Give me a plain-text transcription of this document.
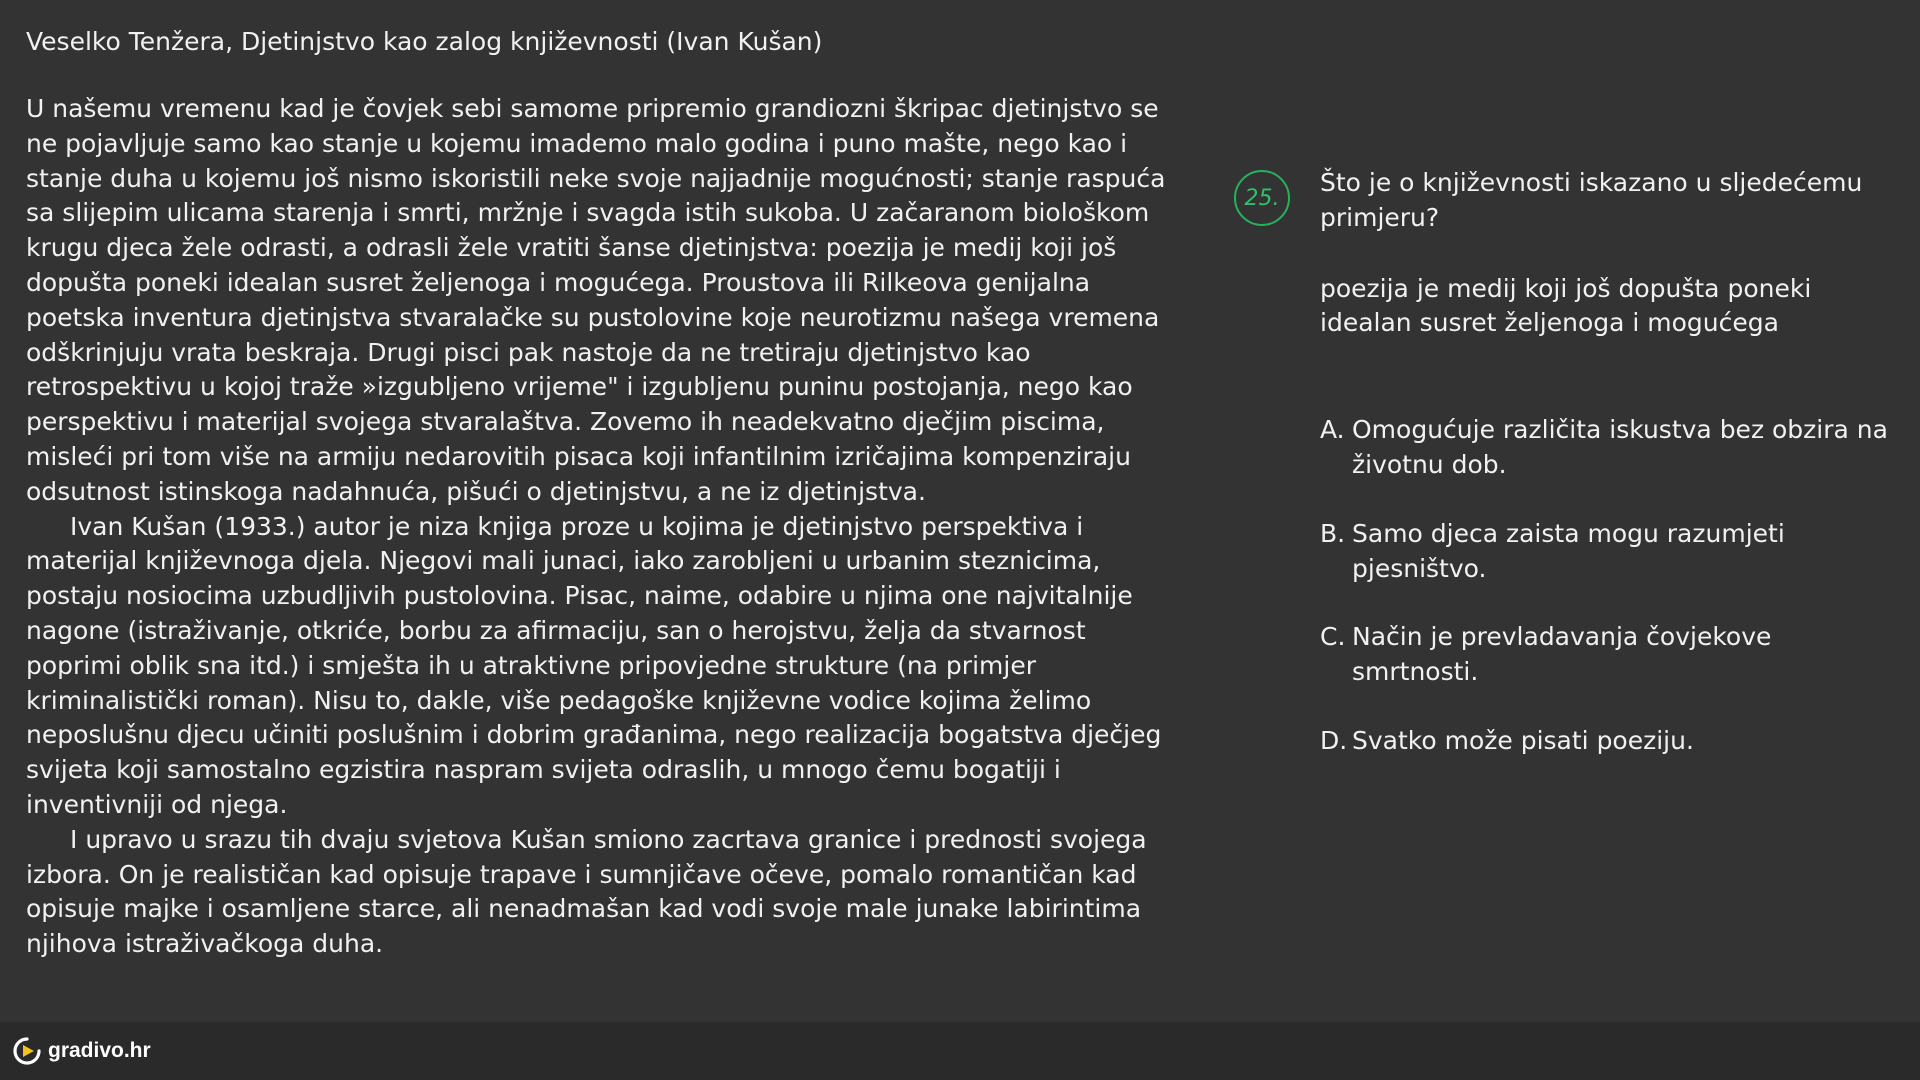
Veselko Tenžera, Djetinjstvo kao zalog književnosti (Ivan Kušan)

U našemu vremenu kad je čovjek sebi samome pripremio grandiozni škripac djetinjstvo se ne pojavljuje samo kao stanje u kojemu imademo malo godina i puno mašte, nego kao i stanje duha u kojemu još nismo iskoristili neke svoje najjadnije mogućnosti; stanje raspuća sa slijepim ulicama starenja i smrti, mržnje i svagda istih sukoba. U začaranom biološkom krugu djeca žele odrasti, a odrasli žele vratiti šanse djetinjstva: poezija je medij koji još dopušta poneki idealan susret željenoga i mogućega. Proustova ili Rilkeova genijalna poetska inventura djetinjstva stvaralačke su pustolovine koje neurotizmu našega vremena odškrinjuju vrata beskraja. Drugi pisci pak nastoje da ne tretiraju djetinjstvo kao retrospektivu u kojoj traže »izgubljeno vrijeme" i izgubljenu puninu postojanja, nego kao perspektivu i materijal svojega stvaralaštva. Zovemo ih neadekvatno dječjim piscima, misleći pri tom više na armiju nedarovitih pisaca koji infantilnim izričajima kompenziraju odsutnost istinskoga nadahnuća, pišući o djetinjstvu, a ne iz djetinjstva.

Ivan Kušan (1933.) autor je niza knjiga proze u kojima je djetinjstvo perspektiva i materijal književnoga djela. Njegovi mali junaci, iako zarobljeni u urbanim steznicima, postaju nosiocima uzbudljivih pustolovina. Pisac, naime, odabire u njima one najvitalnije nagone (istraživanje, otkriće, borbu za afirmaciju, san o herojstvu, želja da stvarnost poprimi oblik sna itd.) i smješta ih u atraktivne pripovjedne strukture (na primjer kriminalistički roman). Nisu to, dakle, više pedagoške književne vodice kojima želimo neposlušnu djecu učiniti poslušnim i dobrim građanima, nego realizacija bogatstva dječjeg svijeta koji samostalno egzistira naspram svijeta odraslih, u mnogo čemu bogatiji i inventivniji od njega.

I upravo u srazu tih dvaju svjetova Kušan smiono zacrtava granice i prednosti svojega izbora. On je realističan kad opisuje trapave i sumnjičave očeve, pomalo romantičan kad opisuje majke i osamljene starce, ali nenadmašan kad vodi svoje male junake labirintima njihova istraživačkoga duha.

25.

Što je o književnosti iskazano u sljedećemu primjeru?

poezija je medij koji još dopušta poneki idealan susret željenoga i mogućega

A. Omogućuje različita iskustva bez obzira na životnu dob.
B. Samo djeca zaista mogu razumjeti pjesništvo.
C. Način je prevladavanja čovjekove smrtnosti.
D. Svatko može pisati poeziju.
gradivo.hr
